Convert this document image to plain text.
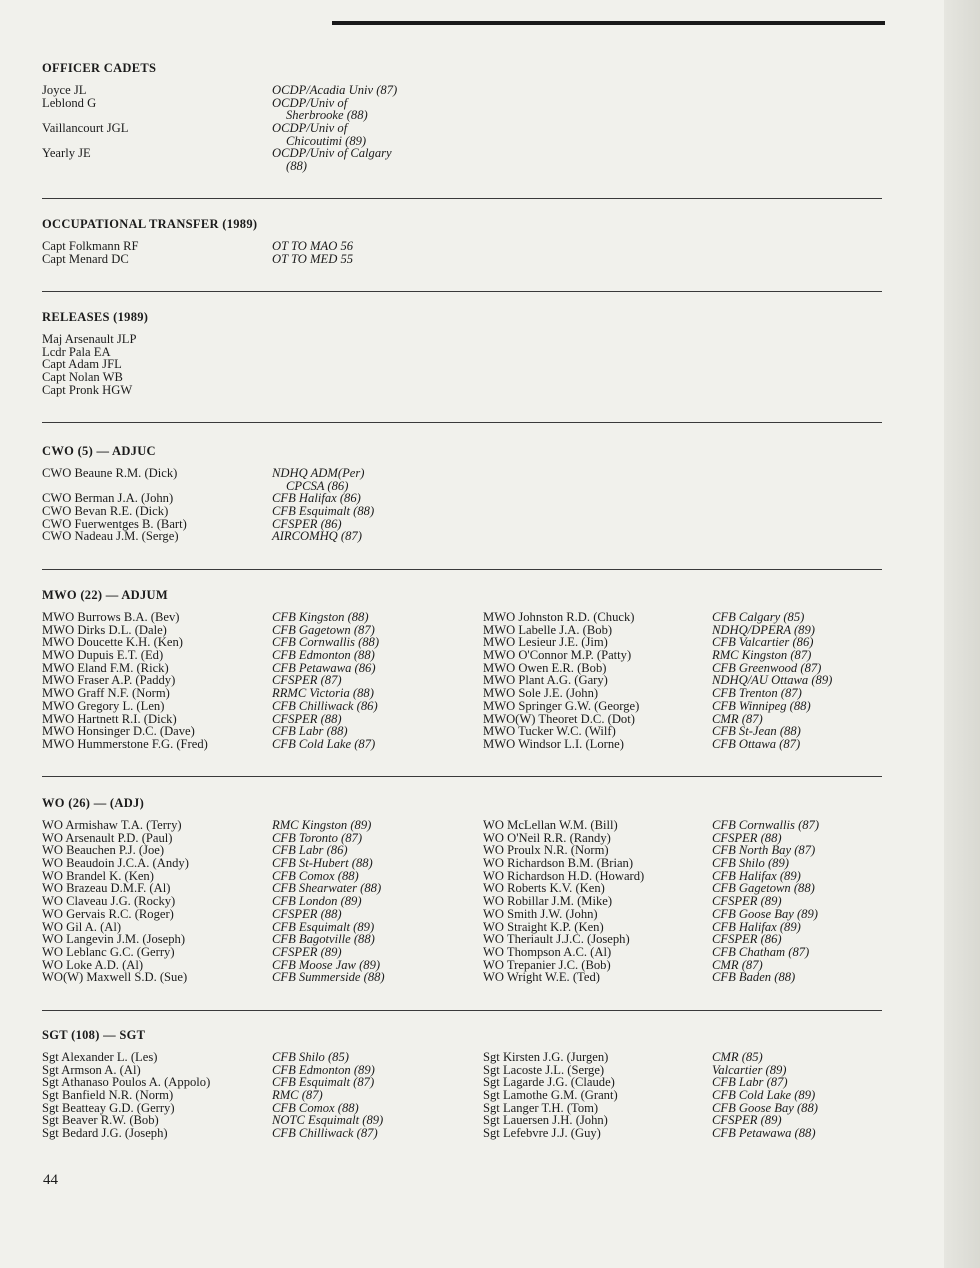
OFFICER CADETS
Joyce JL	OCDP/Acadia Univ (87)
Leblond G	OCDP/Univ of
Sherbrooke (88)
Vaillancourt JGL	OCDP/Univ of
Chicoutimi (89)
Yearly JE	OCDP/Univ of Calgary
(88)
OCCUPATIONAL TRANSFER (1989)
Capt Folkmann RF	OT TO MAO 56
Capt Menard DC	OT TO MED 55
RELEASES (1989)
Maj Arsenault JLP
Lcdr Pala EA
Capt Adam JFL
Capt Nolan WB
Capt Pronk HGW
CWO (5) — ADJUC
CWO Beaune R.M. (Dick)	NDHQ ADM(Per)
CPCSA (86)
CWO Berman J.A. (John)	CFB Halifax (86)
CWO Bevan R.E. (Dick)	CFB Esquimalt (88)
CWO Fuerwentges B. (Bart)	CFSPER (86)
CWO Nadeau J.M. (Serge)	AIRCOMHQ (87)
MWO (22) — ADJUM
MWO Burrows B.A. (Bev)	CFB Kingston (88)	MWO Johnston R.D. (Chuck)	CFB Calgary (85)
MWO Dirks D.L. (Dale)	CFB Gagetown (87)	MWO Labelle J.A. (Bob)	NDHQ/DPERA (89)
MWO Doucette K.H. (Ken)	CFB Cornwallis (88)	MWO Lesieur J.E. (Jim)	CFB Valcartier (86)
MWO Dupuis E.T. (Ed)	CFB Edmonton (88)	MWO O'Connor M.P. (Patty)	RMC Kingston (87)
MWO Eland F.M. (Rick)	CFB Petawawa (86)	MWO Owen E.R. (Bob)	CFB Greenwood (87)
MWO Fraser A.P. (Paddy)	CFSPER (87)	MWO Plant A.G. (Gary)	NDHQ/AU Ottawa (89)
MWO Graff N.F. (Norm)	RRMC Victoria (88)	MWO Sole J.E. (John)	CFB Trenton (87)
MWO Gregory L. (Len)	CFB Chilliwack (86)	MWO Springer G.W. (George)	CFB Winnipeg (88)
MWO Hartnett R.I. (Dick)	CFSPER (88)	MWO(W) Theoret D.C. (Dot)	CMR (87)
MWO Honsinger D.C. (Dave)	CFB Labr (88)	MWO Tucker W.C. (Wilf)	CFB St-Jean (88)
MWO Hummerstone F.G. (Fred)	CFB Cold Lake (87)	MWO Windsor L.I. (Lorne)	CFB Ottawa (87)
WO (26) — (ADJ)
WO Armishaw T.A. (Terry)	RMC Kingston (89)	WO McLellan W.M. (Bill)	CFB Cornwallis (87)
WO Arsenault P.D. (Paul)	CFB Toronto (87)	WO O'Neil R.R. (Randy)	CFSPER (88)
WO Beauchen P.J. (Joe)	CFB Labr (86)	WO Proulx N.R. (Norm)	CFB North Bay (87)
WO Beaudoin J.C.A. (Andy)	CFB St-Hubert (88)	WO Richardson B.M. (Brian)	CFB Shilo (89)
WO Brandel K. (Ken)	CFB Comox (88)	WO Richardson H.D. (Howard)	CFB Halifax (89)
WO Brazeau D.M.F. (Al)	CFB Shearwater (88)	WO Roberts K.V. (Ken)	CFB Gagetown (88)
WO Claveau J.G. (Rocky)	CFB London (89)	WO Robillar J.M. (Mike)	CFSPER (89)
WO Gervais R.C. (Roger)	CFSPER (88)	WO Smith J.W. (John)	CFB Goose Bay (89)
WO Gil A. (Al)	CFB Esquimalt (89)	WO Straight K.P. (Ken)	CFB Halifax (89)
WO Langevin J.M. (Joseph)	CFB Bagotville (88)	WO Theriault J.J.C. (Joseph)	CFSPER (86)
WO Leblanc G.C. (Gerry)	CFSPER (89)	WO Thompson A.C. (Al)	CFB Chatham (87)
WO Loke A.D. (Al)	CFB Moose Jaw (89)	WO Trepanier J.C. (Bob)	CMR (87)
WO(W) Maxwell S.D. (Sue)	CFB Summerside (88)	WO Wright W.E. (Ted)	CFB Baden (88)
SGT (108) — SGT
Sgt Alexander L. (Les)	CFB Shilo (85)	Sgt Kirsten J.G. (Jurgen)	CMR (85)
Sgt Armson A. (Al)	CFB Edmonton (89)	Sgt Lacoste J.L. (Serge)	Valcartier (89)
Sgt Athanaso Poulos A. (Appolo)	CFB Esquimalt (87)	Sgt Lagarde J.G. (Claude)	CFB Labr (87)
Sgt Banfield N.R. (Norm)	RMC (87)	Sgt Lamothe G.M. (Grant)	CFB Cold Lake (89)
Sgt Beatteay G.D. (Gerry)	CFB Comox (88)	Sgt Langer T.H. (Tom)	CFB Goose Bay (88)
Sgt Beaver R.W. (Bob)	NOTC Esquimalt (89)	Sgt Lauersen J.H. (John)	CFSPER (89)
Sgt Bedard J.G. (Joseph)	CFB Chilliwack (87)	Sgt Lefebvre J.J. (Guy)	CFB Petawawa (88)
44
